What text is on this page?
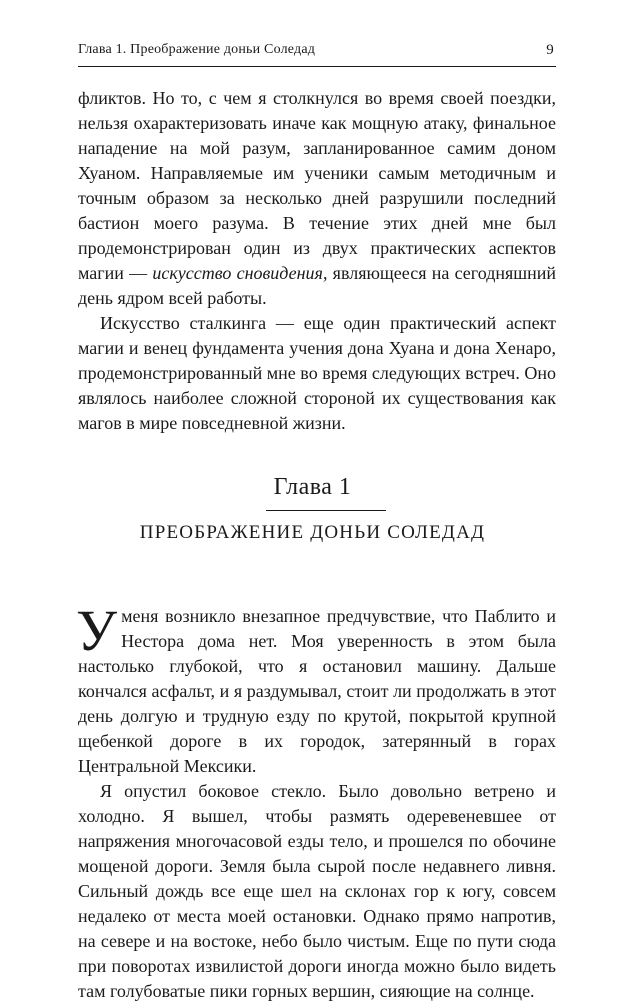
Глава 1. Преображение доньи Соледад	9

фликтов. Но то, с чем я столкнулся во время своей поездки, нельзя охарактеризовать иначе как мощную атаку, финальное нападение на мой разум, запланированное самим доном Хуаном. Направляемые им ученики самым методичным и точным образом за несколько дней разрушили последний бастион моего разума. В течение этих дней мне был продемонстрирован один из двух практических аспектов магии — искусство сновидения, являющееся на сегодняшний день ядром всей работы.

Искусство сталкинга — еще один практический аспект магии и венец фундамента учения дона Хуана и дона Хенаро, продемонстрированный мне во время следующих встреч. Оно являлось наиболее сложной стороной их существования как магов в мире повседневной жизни.

Глава 1
ПРЕОБРАЖЕНИЕ ДОНЬИ СОЛЕДАД

У меня возникло внезапное предчувствие, что Паблито и Нестора дома нет. Моя уверенность в этом была настолько глубокой, что я остановил машину. Дальше кончался асфальт, и я раздумывал, стоит ли продолжать в этот день долгую и трудную езду по крутой, покрытой крупной щебенкой дороге в их городок, затерянный в горах Центральной Мексики.

Я опустил боковое стекло. Было довольно ветрено и холодно. Я вышел, чтобы размять одеревеневшее от напряжения многочасовой езды тело, и прошелся по обочине мощеной дороги. Земля была сырой после недавнего ливня. Сильный дождь все еще шел на склонах гор к югу, совсем недалеко от места моей остановки. Однако прямо напротив, на севере и на востоке, небо было чистым. Еще по пути сюда при поворотах извилистой дороги иногда можно было видеть там голубоватые пики горных вершин, сияющие на солнце.
